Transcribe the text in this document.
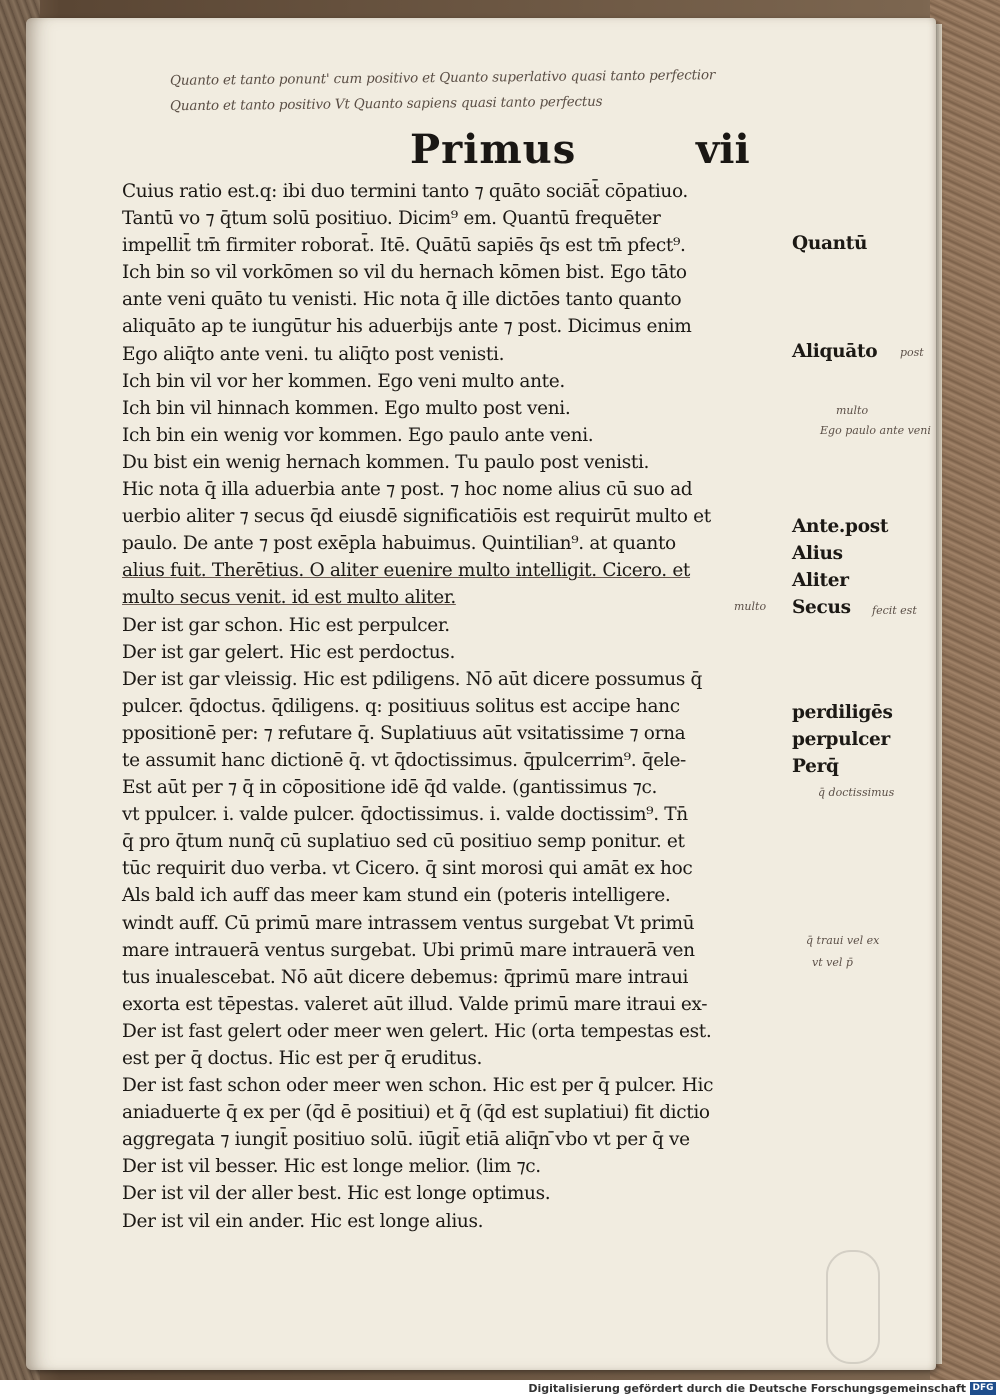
Quanto et tanto ponunt' cum positivo et Quanto superlativo quasi tanto perfectior
Quanto et tanto positivo Vt Quanto sapiens quasi tanto perfectus
Primus	vii
Cuius ratio est.q: ibi duo termini tanto ⁊ quāto sociāt̄ cōpatiuo.
Tantū vo ⁊ q̄tum solū positiuo. Dicim⁹ em. Quantū frequēter
impellit̄ tm̄ firmiter roborat̄. Itē. Quātū sapiēs q̄s est tm̄ pfect⁹.
Ich bin so vil vorkōmen so vil du hernach kōmen bist. Ego tāto
ante veni quāto tu venisti. Hic nota q̄ ille dictōes tanto quanto
aliquāto ap te iungūtur his aduerbijs ante ⁊ post. Dicimus enim
Ego aliq̄to ante veni. tu aliq̄to post venisti.
Ich bin vil vor her kommen. Ego veni multo ante.
Ich bin vil hinnach kommen. Ego multo post veni.
Ich bin ein wenig vor kommen. Ego paulo ante veni.
Du bist ein wenig hernach kommen. Tu paulo post venisti.
Hic nota q̄ illa aduerbia ante ⁊ post. ⁊ hoc nome alius cū suo ad
uerbio aliter ⁊ secus q̄d eiusdē significatiōis est requirūt multo et
paulo. De ante ⁊ post exēpla habuimus. Quintilian⁹. at quanto
alius fuit. Therētius. O aliter euenire multo intelligit. Cicero. et
multo secus venit. id est multo aliter.
Der ist gar schon. Hic est perpulcer.
Der ist gar gelert. Hic est perdoctus.
Der ist gar vleissig. Hic est pdiligens. Nō aūt dicere possumus q̄
pulcer. q̄doctus. q̄diligens. q: positiuus solitus est accipe hanc
ppositionē per: ⁊ refutare q̄. Suplatiuus aūt vsitatissime ⁊ orna
te assumit hanc dictionē q̄. vt q̄doctissimus. q̄pulcerrim⁹. q̄ele-
Est aūt per ⁊ q̄ in cōpositione idē q̄d valde. (gantissimus ⁊c.
vt ppulcer. i. valde pulcer. q̄doctissimus. i. valde doctissim⁹. Tn̄
q̄ pro q̄tum nunq̄ cū suplatiuo sed cū positiuo semp ponitur. et
tūc requirit duo verba. vt Cicero. q̄ sint morosi qui amāt ex hoc
Als bald ich auff das meer kam stund ein (poteris intelligere.
windt auff. Cū primū mare intrassem ventus surgebat Vt primū
mare intrauerā ventus surgebat. Ubi primū mare intrauerā ven
tus inualescebat. Nō aūt dicere debemus: q̄primū mare intraui
exorta est tēpestas. valeret aūt illud. Valde primū mare itraui ex-
Der ist fast gelert oder meer wen gelert. Hic (orta tempestas est.
est per q̄ doctus. Hic est per q̄ eruditus.
Der ist fast schon oder meer wen schon. Hic est per q̄ pulcer. Hic
aniaduerte q̄ ex per (q̄d ē positiui) et q̄ (q̄d est suplatiui) fit dictio
aggregata ⁊ iungit̄ positiuo solū. iūgit̄ etiā aliq̄n ̄vbo vt per q̄ ve
Der ist vil besser. Hic est longe melior. (lim ⁊c.
Der ist vil der aller best. Hic est longe optimus.
Der ist vil ein ander. Hic est longe alius.
Quantū
Aliquāto
Ante.post
Alius
Aliter
Secus
perdiligēs
perpulcer
Perq̄
post
multo
Ego paulo ante veni
multo	fecit est
q̄ doctissimus
q̄ traui vel ex
vt vel p̄
Digitalisierung gefördert durch die Deutsche Forschungsgemeinschaft DFG
